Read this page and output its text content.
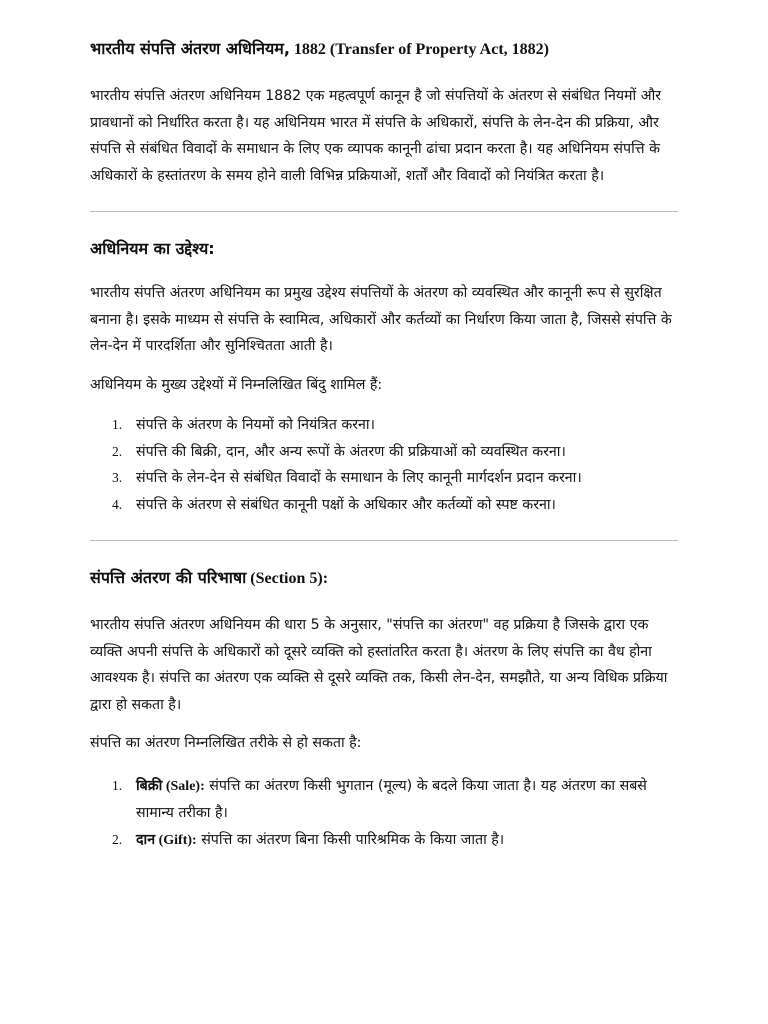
भारतीय संपत्ति अंतरण अधिनियम, 1882 (Transfer of Property Act, 1882)

भारतीय संपत्ति अंतरण अधिनियम 1882 एक महत्वपूर्ण कानून है जो संपत्तियों के अंतरण से संबंधित नियमों और प्रावधानों को निर्धारित करता है। यह अधिनियम भारत में संपत्ति के अधिकारों, संपत्ति के लेन-देन की प्रक्रिया, और संपत्ति से संबंधित विवादों के समाधान के लिए एक व्यापक कानूनी ढांचा प्रदान करता है। यह अधिनियम संपत्ति के अधिकारों के हस्तांतरण के समय होने वाली विभिन्न प्रक्रियाओं, शर्तों और विवादों को नियंत्रित करता है।

अधिनियम का उद्देश्य:

भारतीय संपत्ति अंतरण अधिनियम का प्रमुख उद्देश्य संपत्तियों के अंतरण को व्यवस्थित और कानूनी रूप से सुरक्षित बनाना है। इसके माध्यम से संपत्ति के स्वामित्व, अधिकारों और कर्तव्यों का निर्धारण किया जाता है, जिससे संपत्ति के लेन-देन में पारदर्शिता और सुनिश्चितता आती है।

अधिनियम के मुख्य उद्देश्यों में निम्नलिखित बिंदु शामिल हैं:

1. संपत्ति के अंतरण के नियमों को नियंत्रित करना।
2. संपत्ति की बिक्री, दान, और अन्य रूपों के अंतरण की प्रक्रियाओं को व्यवस्थित करना।
3. संपत्ति के लेन-देन से संबंधित विवादों के समाधान के लिए कानूनी मार्गदर्शन प्रदान करना।
4. संपत्ति के अंतरण से संबंधित कानूनी पक्षों के अधिकार और कर्तव्यों को स्पष्ट करना।
संपत्ति अंतरण की परिभाषा (Section 5):

भारतीय संपत्ति अंतरण अधिनियम की धारा 5 के अनुसार, "संपत्ति का अंतरण" वह प्रक्रिया है जिसके द्वारा एक व्यक्ति अपनी संपत्ति के अधिकारों को दूसरे व्यक्ति को हस्तांतरित करता है। अंतरण के लिए संपत्ति का वैध होना आवश्यक है। संपत्ति का अंतरण एक व्यक्ति से दूसरे व्यक्ति तक, किसी लेन-देन, समझौते, या अन्य विधिक प्रक्रिया द्वारा हो सकता है।

संपत्ति का अंतरण निम्नलिखित तरीके से हो सकता है:

1. बिक्री (Sale): संपत्ति का अंतरण किसी भुगतान (मूल्य) के बदले किया जाता है। यह अंतरण का सबसे सामान्य तरीका है।
2. दान (Gift): संपत्ति का अंतरण बिना किसी पारिश्रमिक के किया जाता है।
